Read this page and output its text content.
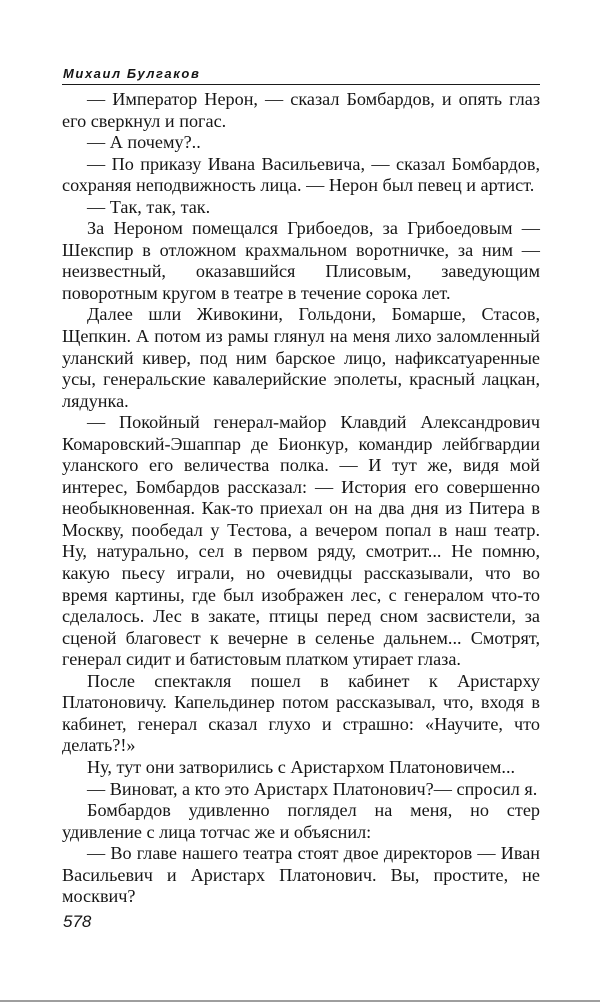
Михаил Булгаков

— Император Нерон, — сказал Бомбардов, и опять глаз его сверкнул и погас.

— А почему?..

— По приказу Ивана Васильевича, — сказал Бомбардов, сохраняя неподвижность лица. — Нерон был певец и артист.

— Так, так, так.

За Нероном помещался Грибоедов, за Грибоедовым — Шекспир в отложном крахмальном воротничке, за ним — неизвестный, оказавшийся Плисовым, заведующим поворотным кругом в театре в течение сорока лет.

Далее шли Живокини, Гольдони, Бомарше, Стасов, Щепкин. А потом из рамы глянул на меня лихо заломленный уланский кивер, под ним барское лицо, нафиксатуаренные усы, генеральские кавалерийские эполеты, красный лацкан, лядунка.

— Покойный генерал-майор Клавдий Александрович Комаровский-Эшаппар де Бионкур, командир лейбгвардии уланского его величества полка. — И тут же, видя мой интерес, Бомбардов рассказал: — История его совершенно необыкновенная. Как-то приехал он на два дня из Питера в Москву, пообедал у Тестова, а вечером попал в наш театр. Ну, натурально, сел в первом ряду, смотрит... Не помню, какую пьесу играли, но очевидцы рассказывали, что во время картины, где был изображен лес, с генералом что-то сделалось. Лес в закате, птицы перед сном засвистели, за сценой благовест к вечерне в селенье дальнем... Смотрят, генерал сидит и батистовым платком утирает глаза.

После спектакля пошел в кабинет к Аристарху Платоновичу. Капельдинер потом рассказывал, что, входя в кабинет, генерал сказал глухо и страшно: «Научите, что делать?!»

Ну, тут они затворились с Аристархом Платоновичем...

— Виноват, а кто это Аристарх Платонович?— спросил я.

Бомбардов удивленно поглядел на меня, но стер удивление с лица тотчас же и объяснил:

— Во главе нашего театра стоят двое директоров — Иван Васильевич и Аристарх Платонович. Вы, простите, не москвич?

578
